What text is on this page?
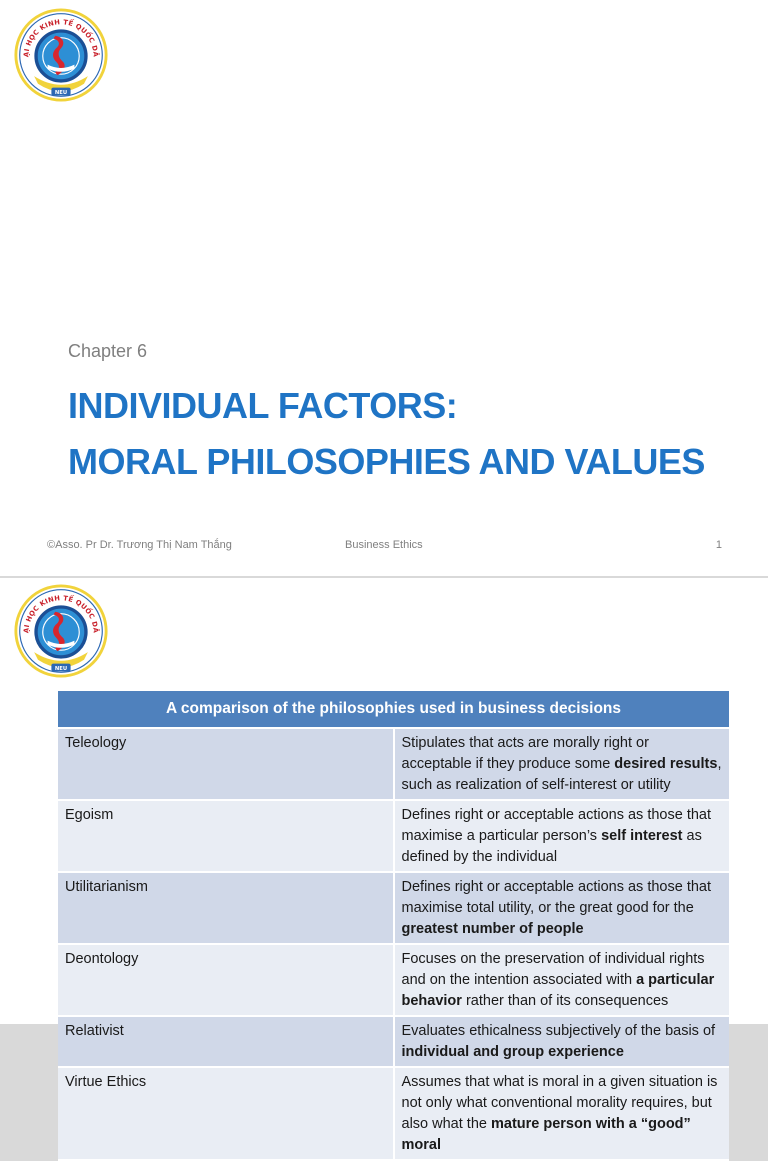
ẠI HỌC KINH TẾ QUỐC DÂ
NEU
Chapter 6
INDIVIDUAL FACTORS:
MORAL PHILOSOPHIES AND VALUES
©Asso. Pr Dr. Trương Thị Nam Thắng	Business Ethics	1
ẠI HỌC KINH TẾ QUỐC DÂ
NEU
A comparison of the philosophies used in business decisions	
Teleology	Stipulates that acts are morally right or acceptable if they produce some desired results, such as realization of self-interest or utility
Egoism	Defines right or acceptable actions as those that maximise a particular person’s self interest as defined by the individual
Utilitarianism	Defines right or acceptable actions as those that maximise total utility, or the great good for the greatest number of people
Deontology	Focuses on the preservation of individual rights and on the intention associated with a particular behavior rather than of its consequences
Relativist	Evaluates ethicalness subjectively of the basis of individual and group experience
Virtue Ethics	Assumes that what is moral in a given situation is not only what conventional morality requires, but also what the mature person with a “good” moral
